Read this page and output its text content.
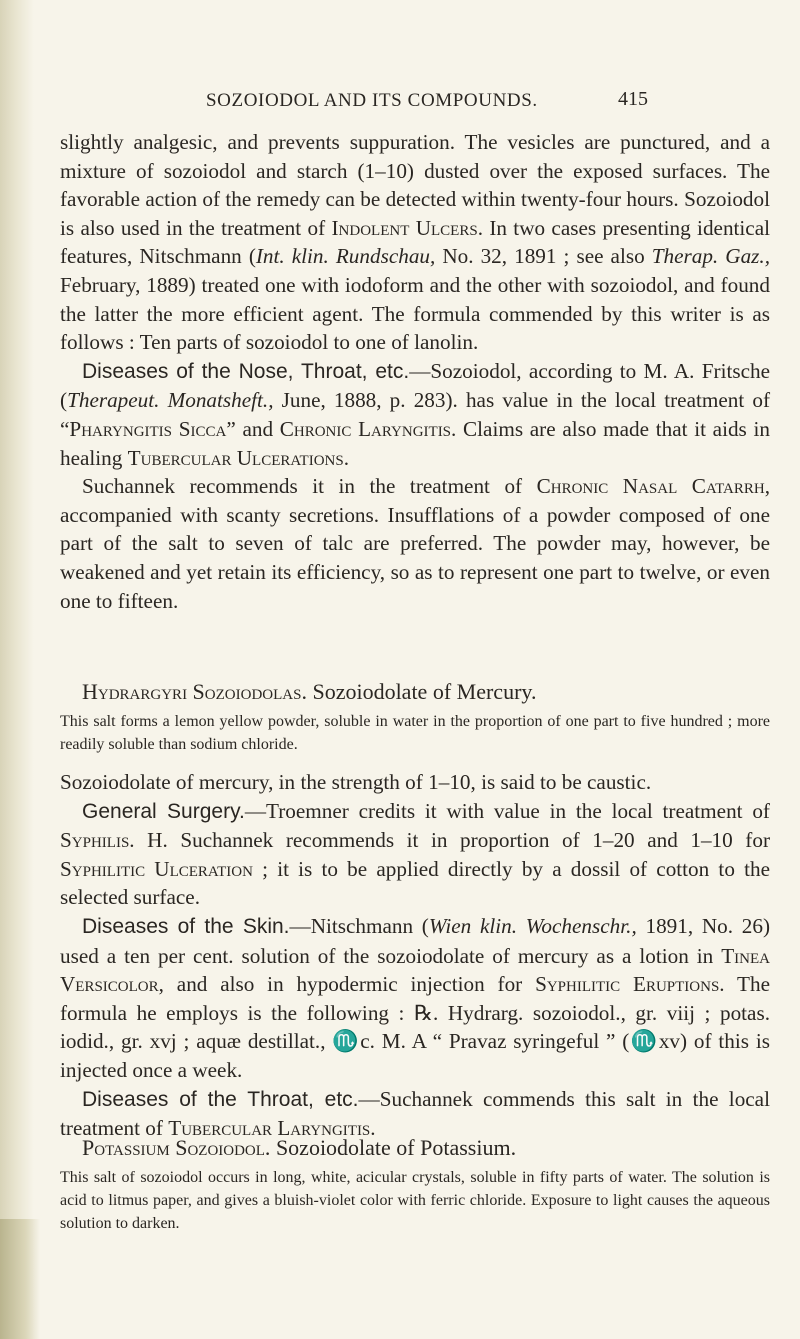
SOZOIODOL AND ITS COMPOUNDS.	415

slightly analgesic, and prevents suppuration. The vesicles are punctured, and a mixture of sozoiodol and starch (1–10) dusted over the exposed surfaces. The favorable action of the remedy can be detected within twenty-four hours. Sozoiodol is also used in the treatment of Indolent Ulcers. In two cases presenting identical features, Nitschmann (Int. klin. Rundschau, No. 32, 1891 ; see also Therap. Gaz., February, 1889) treated one with iodoform and the other with sozoiodol, and found the latter the more efficient agent. The formula commended by this writer is as follows : Ten parts of sozoiodol to one of lanolin.

Diseases of the Nose, Throat, etc.—Sozoiodol, according to M. A. Fritsche (Therapeut. Monatsheft., June, 1888, p. 283). has value in the local treatment of “Pharyngitis Sicca” and Chronic Laryngitis. Claims are also made that it aids in healing Tubercular Ulcerations.

Suchannek recommends it in the treatment of Chronic Nasal Catarrh, accompanied with scanty secretions. Insufflations of a powder composed of one part of the salt to seven of talc are preferred. The powder may, however, be weakened and yet retain its efficiency, so as to represent one part to twelve, or even one to fifteen.

Hydrargyri Sozoiodolas. Sozoiodolate of Mercury.

This salt forms a lemon yellow powder, soluble in water in the proportion of one part to five hundred ; more readily soluble than sodium chloride.

Sozoiodolate of mercury, in the strength of 1–10, is said to be caustic.

General Surgery.—Troemner credits it with value in the local treatment of Syphilis. H. Suchannek recommends it in proportion of 1–20 and 1–10 for Syphilitic Ulceration ; it is to be applied directly by a dossil of cotton to the selected surface.

Diseases of the Skin.—Nitschmann (Wien klin. Wochenschr., 1891, No. 26) used a ten per cent. solution of the sozoiodolate of mercury as a lotion in Tinea Versicolor, and also in hypodermic injection for Syphilitic Eruptions. The formula he employs is the following : ℞. Hydrarg. sozoiodol., gr. viij ; potas. iodid., gr. xvj ; aquæ destillat., ♏c. M. A “ Pravaz syringeful ” (♏xv) of this is injected once a week.

Diseases of the Throat, etc.—Suchannek commends this salt in the local treatment of Tubercular Laryngitis.

Potassium Sozoiodol. Sozoiodolate of Potassium.

This salt of sozoiodol occurs in long, white, acicular crystals, soluble in fifty parts of water. The solution is acid to litmus paper, and gives a bluish-violet color with ferric chloride. Exposure to light causes the aqueous solution to darken.
